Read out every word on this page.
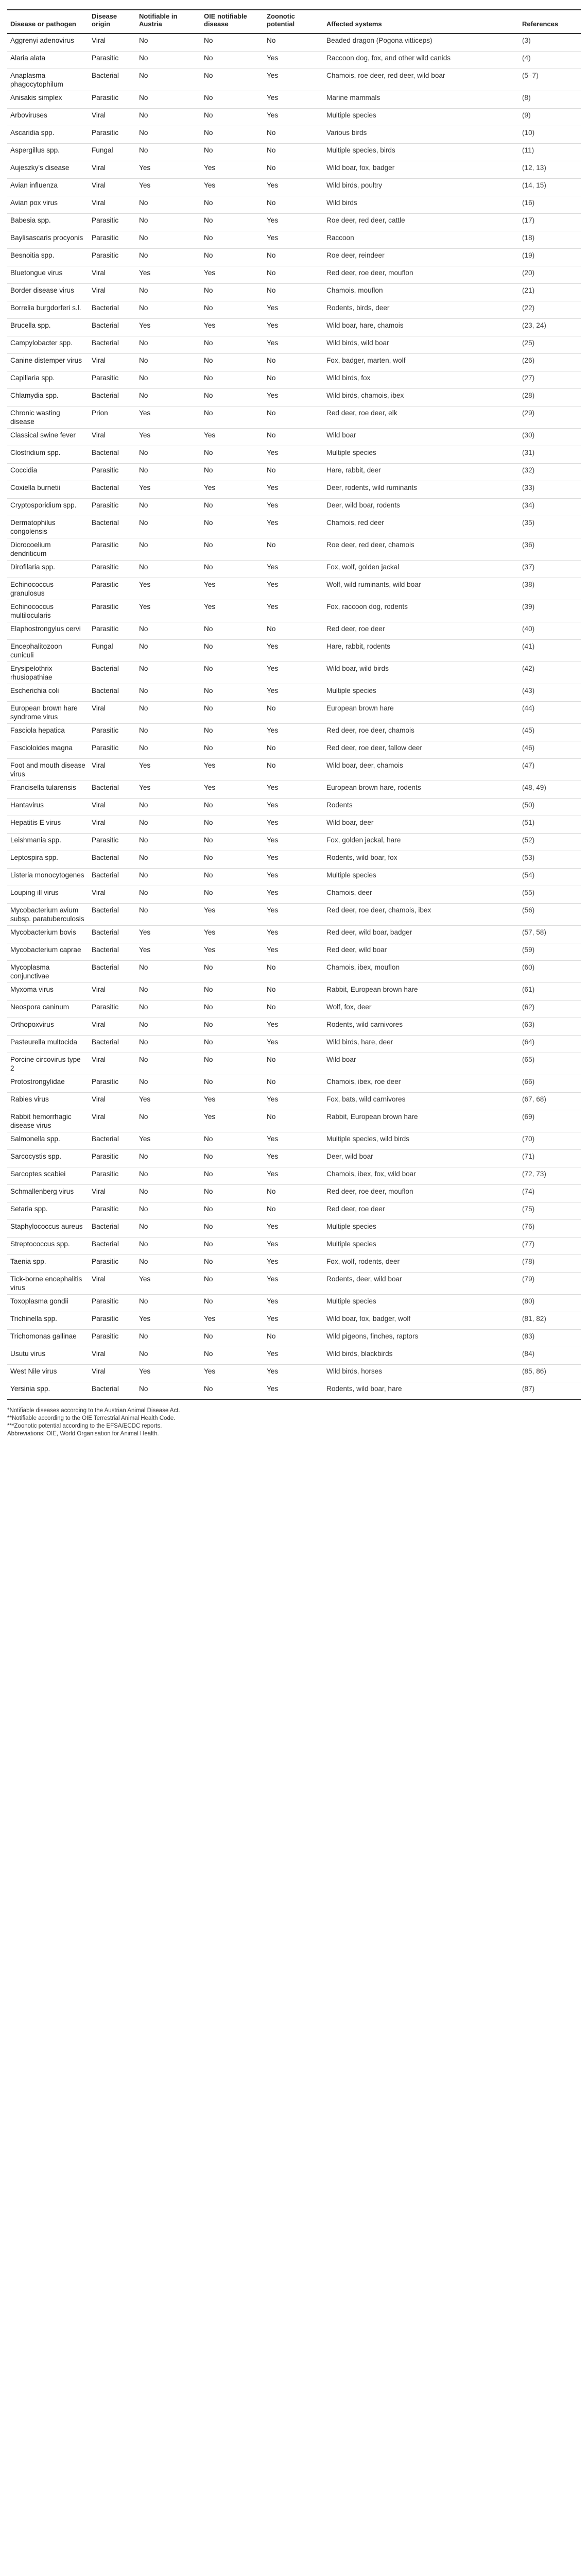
Disease or pathogen	Disease origin	Notifiable in Austria	OIE notifiable disease	Zoonotic potential	Affected systems	References
Aggrenyi adenovirus	Viral	No	No	No	Beaded dragon (Pogona vitticeps)	(3)
Alaria alata	Parasitic	No	No	Yes	Raccoon dog, fox, and other wild canids	(4)
Anaplasma phagocytophilum	Bacterial	No	No	Yes	Chamois, roe deer, red deer, wild boar	(5–7)
Anisakis simplex	Parasitic	No	No	Yes	Marine mammals	(8)
Arboviruses	Viral	No	No	Yes	Multiple species	(9)
Ascaridia spp.	Parasitic	No	No	No	Various birds	(10)
Aspergillus spp.	Fungal	No	No	No	Multiple species, birds	(11)
Aujeszky's disease	Viral	Yes	Yes	No	Wild boar, fox, badger	(12, 13)
Avian influenza	Viral	Yes	Yes	Yes	Wild birds, poultry	(14, 15)
Avian pox virus	Viral	No	No	No	Wild birds	(16)
Babesia spp.	Parasitic	No	No	Yes	Roe deer, red deer, cattle	(17)
Baylisascaris procyonis	Parasitic	No	No	Yes	Raccoon	(18)
Besnoitia spp.	Parasitic	No	No	No	Roe deer, reindeer	(19)
Bluetongue virus	Viral	Yes	Yes	No	Red deer, roe deer, mouflon	(20)
Border disease virus	Viral	No	No	No	Chamois, mouflon	(21)
Borrelia burgdorferi s.l.	Bacterial	No	No	Yes	Rodents, birds, deer	(22)
Brucella spp.	Bacterial	Yes	Yes	Yes	Wild boar, hare, chamois	(23, 24)
Campylobacter spp.	Bacterial	No	No	Yes	Wild birds, wild boar	(25)
Canine distemper virus	Viral	No	No	No	Fox, badger, marten, wolf	(26)
Capillaria spp.	Parasitic	No	No	No	Wild birds, fox	(27)
Chlamydia spp.	Bacterial	No	No	Yes	Wild birds, chamois, ibex	(28)
Chronic wasting disease	Prion	Yes	No	No	Red deer, roe deer, elk	(29)
Classical swine fever	Viral	Yes	Yes	No	Wild boar	(30)
Clostridium spp.	Bacterial	No	No	Yes	Multiple species	(31)
Coccidia	Parasitic	No	No	No	Hare, rabbit, deer	(32)
Coxiella burnetii	Bacterial	Yes	Yes	Yes	Deer, rodents, wild ruminants	(33)
Cryptosporidium spp.	Parasitic	No	No	Yes	Deer, wild boar, rodents	(34)
Dermatophilus congolensis	Bacterial	No	No	Yes	Chamois, red deer	(35)
Dicrocoelium dendriticum	Parasitic	No	No	No	Roe deer, red deer, chamois	(36)
Dirofilaria spp.	Parasitic	No	No	Yes	Fox, wolf, golden jackal	(37)
Echinococcus granulosus	Parasitic	Yes	Yes	Yes	Wolf, wild ruminants, wild boar	(38)
Echinococcus multilocularis	Parasitic	Yes	Yes	Yes	Fox, raccoon dog, rodents	(39)
Elaphostrongylus cervi	Parasitic	No	No	No	Red deer, roe deer	(40)
Encephalitozoon cuniculi	Fungal	No	No	Yes	Hare, rabbit, rodents	(41)
Erysipelothrix rhusiopathiae	Bacterial	No	No	Yes	Wild boar, wild birds	(42)
Escherichia coli	Bacterial	No	No	Yes	Multiple species	(43)
European brown hare syndrome virus	Viral	No	No	No	European brown hare	(44)
Fasciola hepatica	Parasitic	No	No	Yes	Red deer, roe deer, chamois	(45)
Fascioloides magna	Parasitic	No	No	No	Red deer, roe deer, fallow deer	(46)
Foot and mouth disease virus	Viral	Yes	Yes	No	Wild boar, deer, chamois	(47)
Francisella tularensis	Bacterial	Yes	Yes	Yes	European brown hare, rodents	(48, 49)
Hantavirus	Viral	No	No	Yes	Rodents	(50)
Hepatitis E virus	Viral	No	No	Yes	Wild boar, deer	(51)
Leishmania spp.	Parasitic	No	No	Yes	Fox, golden jackal, hare	(52)
Leptospira spp.	Bacterial	No	No	Yes	Rodents, wild boar, fox	(53)
Listeria monocytogenes	Bacterial	No	No	Yes	Multiple species	(54)
Louping ill virus	Viral	No	No	Yes	Chamois, deer	(55)
Mycobacterium avium subsp. paratuberculosis	Bacterial	No	Yes	Yes	Red deer, roe deer, chamois, ibex	(56)
Mycobacterium bovis	Bacterial	Yes	Yes	Yes	Red deer, wild boar, badger	(57, 58)
Mycobacterium caprae	Bacterial	Yes	Yes	Yes	Red deer, wild boar	(59)
Mycoplasma conjunctivae	Bacterial	No	No	No	Chamois, ibex, mouflon	(60)
Myxoma virus	Viral	No	No	No	Rabbit, European brown hare	(61)
Neospora caninum	Parasitic	No	No	No	Wolf, fox, deer	(62)
Orthopoxvirus	Viral	No	No	Yes	Rodents, wild carnivores	(63)
Pasteurella multocida	Bacterial	No	No	Yes	Wild birds, hare, deer	(64)
Porcine circovirus type 2	Viral	No	No	No	Wild boar	(65)
Protostrongylidae	Parasitic	No	No	No	Chamois, ibex, roe deer	(66)
Rabies virus	Viral	Yes	Yes	Yes	Fox, bats, wild carnivores	(67, 68)
Rabbit hemorrhagic disease virus	Viral	No	Yes	No	Rabbit, European brown hare	(69)
Salmonella spp.	Bacterial	Yes	No	Yes	Multiple species, wild birds	(70)
Sarcocystis spp.	Parasitic	No	No	Yes	Deer, wild boar	(71)
Sarcoptes scabiei	Parasitic	No	No	Yes	Chamois, ibex, fox, wild boar	(72, 73)
Schmallenberg virus	Viral	No	No	No	Red deer, roe deer, mouflon	(74)
Setaria spp.	Parasitic	No	No	No	Red deer, roe deer	(75)
Staphylococcus aureus	Bacterial	No	No	Yes	Multiple species	(76)
Streptococcus spp.	Bacterial	No	No	Yes	Multiple species	(77)
Taenia spp.	Parasitic	No	No	Yes	Fox, wolf, rodents, deer	(78)
Tick-borne encephalitis virus	Viral	Yes	No	Yes	Rodents, deer, wild boar	(79)
Toxoplasma gondii	Parasitic	No	No	Yes	Multiple species	(80)
Trichinella spp.	Parasitic	Yes	Yes	Yes	Wild boar, fox, badger, wolf	(81, 82)
Trichomonas gallinae	Parasitic	No	No	No	Wild pigeons, finches, raptors	(83)
Usutu virus	Viral	No	No	Yes	Wild birds, blackbirds	(84)
West Nile virus	Viral	Yes	Yes	Yes	Wild birds, horses	(85, 86)
Yersinia spp.	Bacterial	No	No	Yes	Rodents, wild boar, hare	(87)
*Notifiable diseases according to the Austrian Animal Disease Act.
**Notifiable according to the OIE Terrestrial Animal Health Code.
***Zoonotic potential according to the EFSA/ECDC reports.
Abbreviations: OIE, World Organisation for Animal Health.
